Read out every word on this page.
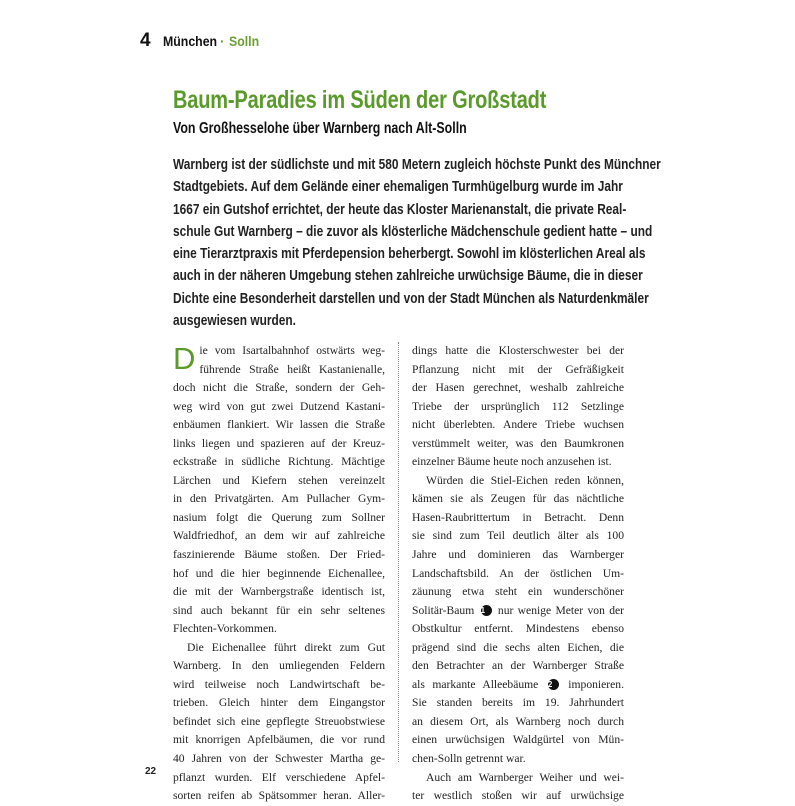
4 München · Solln
Baum-Paradies im Süden der Großstadt
Von Großhesselohe über Warnberg nach Alt-Solln
Warnberg ist der südlichste und mit 580 Metern zugleich höchste Punkt des Münchner
Stadtgebiets. Auf dem Gelände einer ehemaligen Turmhügelburg wurde im Jahr
1667 ein Gutshof errichtet, der heute das Kloster Marienanstalt, die private Real-
schule Gut Warnberg – die zuvor als klösterliche Mädchenschule gedient hatte – und
eine Tierarztpraxis mit Pferdepension beherbergt. Sowohl im klösterlichen Areal als
auch in der näheren Umgebung stehen zahlreiche urwüchsige Bäume, die in dieser
Dichte eine Besonderheit darstellen und von der Stadt München als Naturdenkmäler
ausgewiesen wurden.
D ie vom Isartalbahnhof ostwärts weg-
führende Straße heißt Kastanienalle,
doch nicht die Straße, sondern der Geh-
weg wird von gut zwei Dutzend Kastani-
enbäumen flankiert. Wir lassen die Straße
links liegen und spazieren auf der Kreuz-
eckstraße in südliche Richtung. Mächtige
Lärchen und Kiefern stehen vereinzelt
in den Privatgärten. Am Pullacher Gym-
nasium folgt die Querung zum Sollner
Waldfriedhof, an dem wir auf zahlreiche
faszinierende Bäume stoßen. Der Fried-
hof und die hier beginnende Eichenallee,
die mit der Warnbergstraße identisch ist,
sind auch bekannt für ein sehr seltenes
Flechten-Vorkommen.
Die Eichenallee führt direkt zum Gut
Warnberg. In den umliegenden Feldern
wird teilweise noch Landwirtschaft be-
trieben. Gleich hinter dem Eingangstor
befindet sich eine gepflegte Streuobstwiese
mit knorrigen Apfelbäumen, die vor rund
40 Jahren von der Schwester Martha ge-
pflanzt wurden. Elf verschiedene Apfel-
sorten reifen ab Spätsommer heran. Aller-
dings hatte die Klosterschwester bei der
Pflanzung nicht mit der Gefräßigkeit
der Hasen gerechnet, weshalb zahlreiche
Triebe der ursprünglich 112 Setzlinge
nicht überlebten. Andere Triebe wuchsen
verstümmelt weiter, was den Baumkronen
einzelner Bäume heute noch anzusehen ist.
Würden die Stiel-Eichen reden können,
kämen sie als Zeugen für das nächtliche
Hasen-Raubrittertum in Betracht. Denn
sie sind zum Teil deutlich älter als 100
Jahre und dominieren das Warnberger
Landschaftsbild. An der östlichen Um-
zäunung etwa steht ein wunderschöner
Solitär-Baum 1 nur wenige Meter von der
Obstkultur entfernt. Mindestens ebenso
prägend sind die sechs alten Eichen, die
den Betrachter an der Warnberger Straße
als markante Alleebäume 2 imponieren.
Sie standen bereits im 19. Jahrhundert
an diesem Ort, als Warnberg noch durch
einen urwüchsigen Waldgürtel von Mün-
chen-Solln getrennt war.
Auch am Warnberger Weiher und wei-
ter westlich stoßen wir auf urwüchsige
22
